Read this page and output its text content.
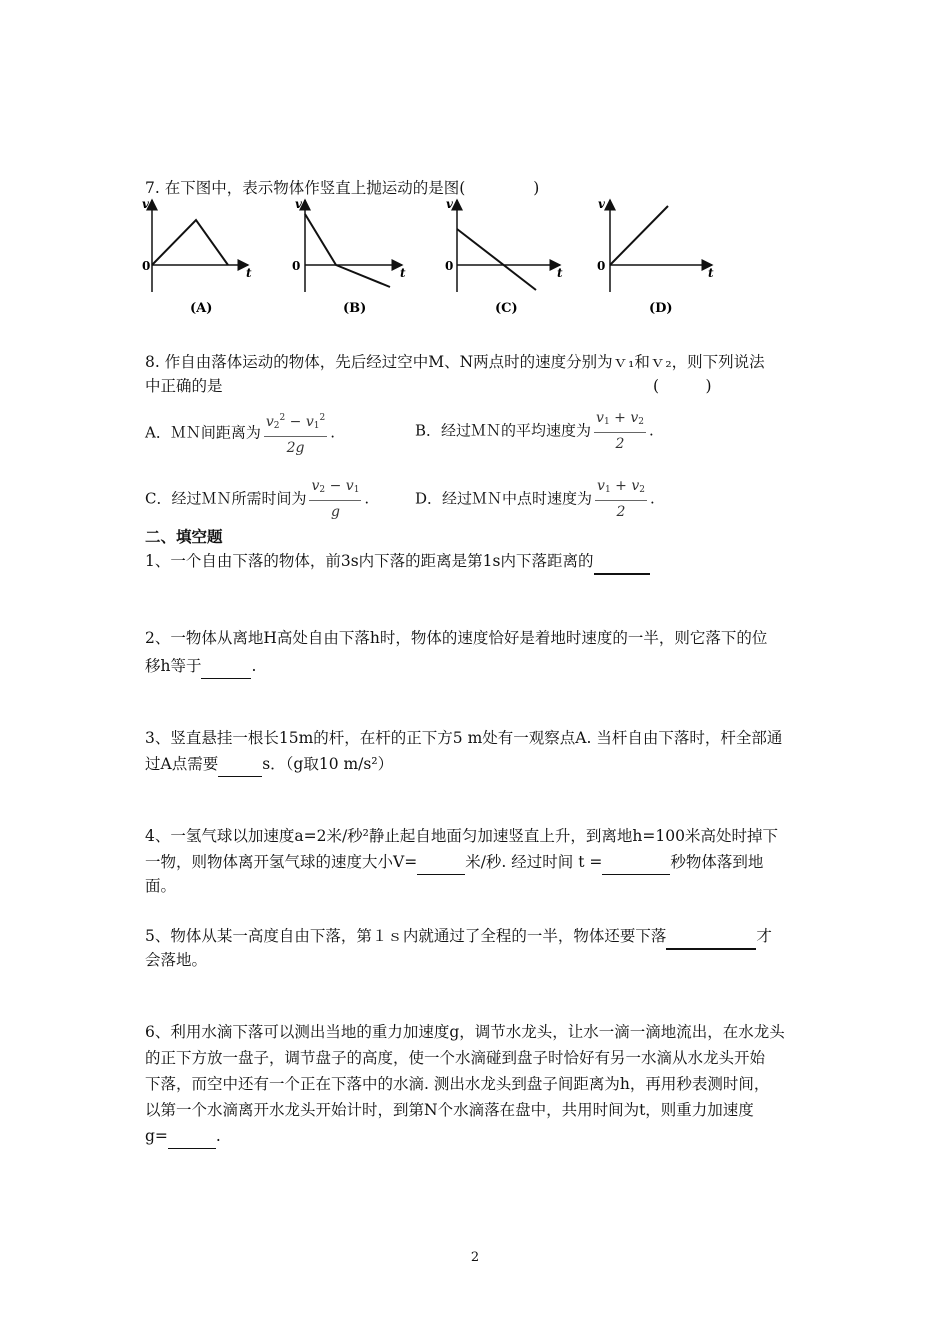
7. 在下图中，表示物体作竖直上抛运动的是图(	)
v
t
0
(A)
v
t
0
(B)
v
t
0
(C)
v
t
0
(D)
8. 作自由落体运动的物体，先后经过空中M、N两点时的速度分别为ｖ₁和ｖ₂，则下列说法
中正确的是	(　　　)
A．ＭＮ间距离为 $\frac{v_2^2 - v_1^2}{2g}$ .	B．经过ＭＮ的平均速度为 $\frac{v_1 + v_2}{2}$ .
C．经过ＭＮ所需时间为 $\frac{v_2 - v_1}{g}$ .	D．经过ＭＮ中点时速度为 $\frac{v_1 + v_2}{2}$ .
二、填空题
1、一个自由下落的物体，前3s内下落的距离是第1s内下落距离的
2、一物体从离地H高处自由下落h时，物体的速度恰好是着地时速度的一半，则它落下的位
移h等于	.
3、竖直悬挂一根长15m的杆，在杆的正下方5 m处有一观察点A. 当杆自由下落时，杆全部通
过A点需要	s．（g取10 m/s²）
4、一氢气球以加速度a=2米/秒²静止起自地面匀加速竖直上升，到离地h=100米高处时掉下
一物，则物体离开氢气球的速度大小V=	米/秒. 经过时间 t =	秒物体落到地
面。
5、物体从某一高度自由下落，第１ｓ内就通过了全程的一半，物体还要下落	才
会落地。
6、利用水滴下落可以测出当地的重力加速度g，调节水龙头，让水一滴一滴地流出，在水龙头
的正下方放一盘子，调节盘子的高度，使一个水滴碰到盘子时恰好有另一水滴从水龙头开始
下落，而空中还有一个正在下落中的水滴. 测出水龙头到盘子间距离为h，再用秒表测时间，
以第一个水滴离开水龙头开始计时，到第N个水滴落在盘中，共用时间为t，则重力加速度
g=	.
2
